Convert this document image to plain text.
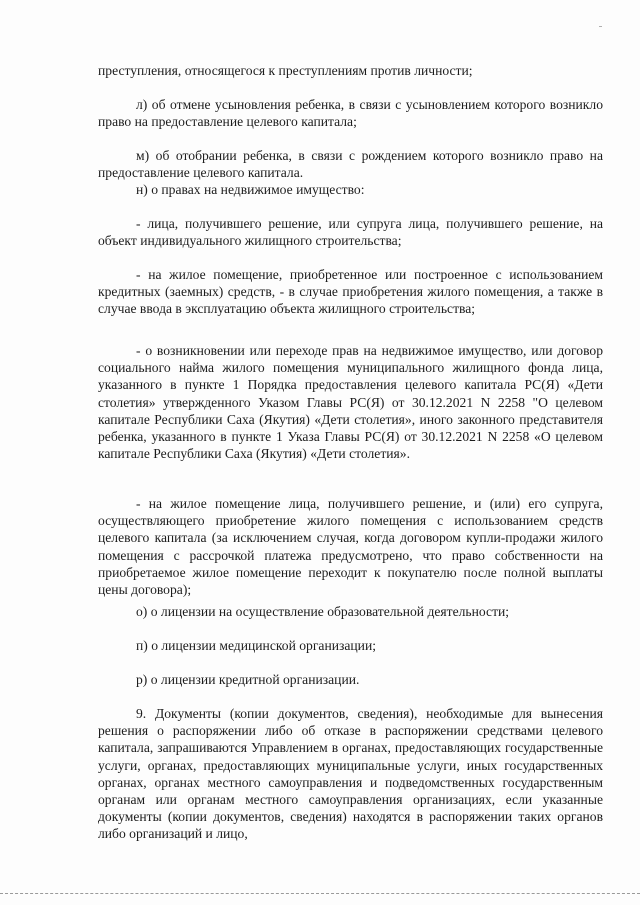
преступления, относящегося к преступлениям против личности;

л) об отмене усыновления ребенка, в связи с усыновлением которого возникло право на предоставление целевого капитала;

м) об отобрании ребенка, в связи с рождением которого возникло право на предоставление целевого капитала.

н) о правах на недвижимое имущество:

- лица, получившего решение, или супруга лица, получившего решение, на объект индивидуального жилищного строительства;

- на жилое помещение, приобретенное или построенное с использованием кредитных (заемных) средств, - в случае приобретения жилого помещения, а также в случае ввода в эксплуатацию объекта жилищного строительства;

- о возникновении или переходе прав на недвижимое имущество, или договор социального найма жилого помещения муниципального жилищного фонда лица, указанного в пункте 1 Порядка предоставления целевого капитала РС(Я) «Дети столетия» утвержденного Указом Главы РС(Я) от 30.12.2021 N 2258 "О целевом капитале Республики Саха (Якутия) «Дети столетия», иного законного представителя ребенка, указанного в пункте 1 Указа Главы РС(Я) от 30.12.2021 N 2258 «О целевом капитале Республики Саха (Якутия) «Дети столетия».

- на жилое помещение лица, получившего решение, и (или) его супруга, осуществляющего приобретение жилого помещения с использованием средств целевого капитала (за исключением случая, когда договором купли-продажи жилого помещения с рассрочкой платежа предусмотрено, что право собственности на приобретаемое жилое помещение переходит к покупателю после полной выплаты цены договора);

о) о лицензии на осуществление образовательной деятельности;

п) о лицензии медицинской организации;

р) о лицензии кредитной организации.

9. Документы (копии документов, сведения), необходимые для вынесения решения о распоряжении либо об отказе в распоряжении средствами целевого капитала, запрашиваются Управлением в органах, предоставляющих государственные услуги, органах, предоставляющих муниципальные услуги, иных государственных органах, органах местного самоуправления и подведомственных государственным органам или органам местного самоуправления организациях, если указанные документы (копии документов, сведения) находятся в распоряжении таких органов либо организаций и лицо,
